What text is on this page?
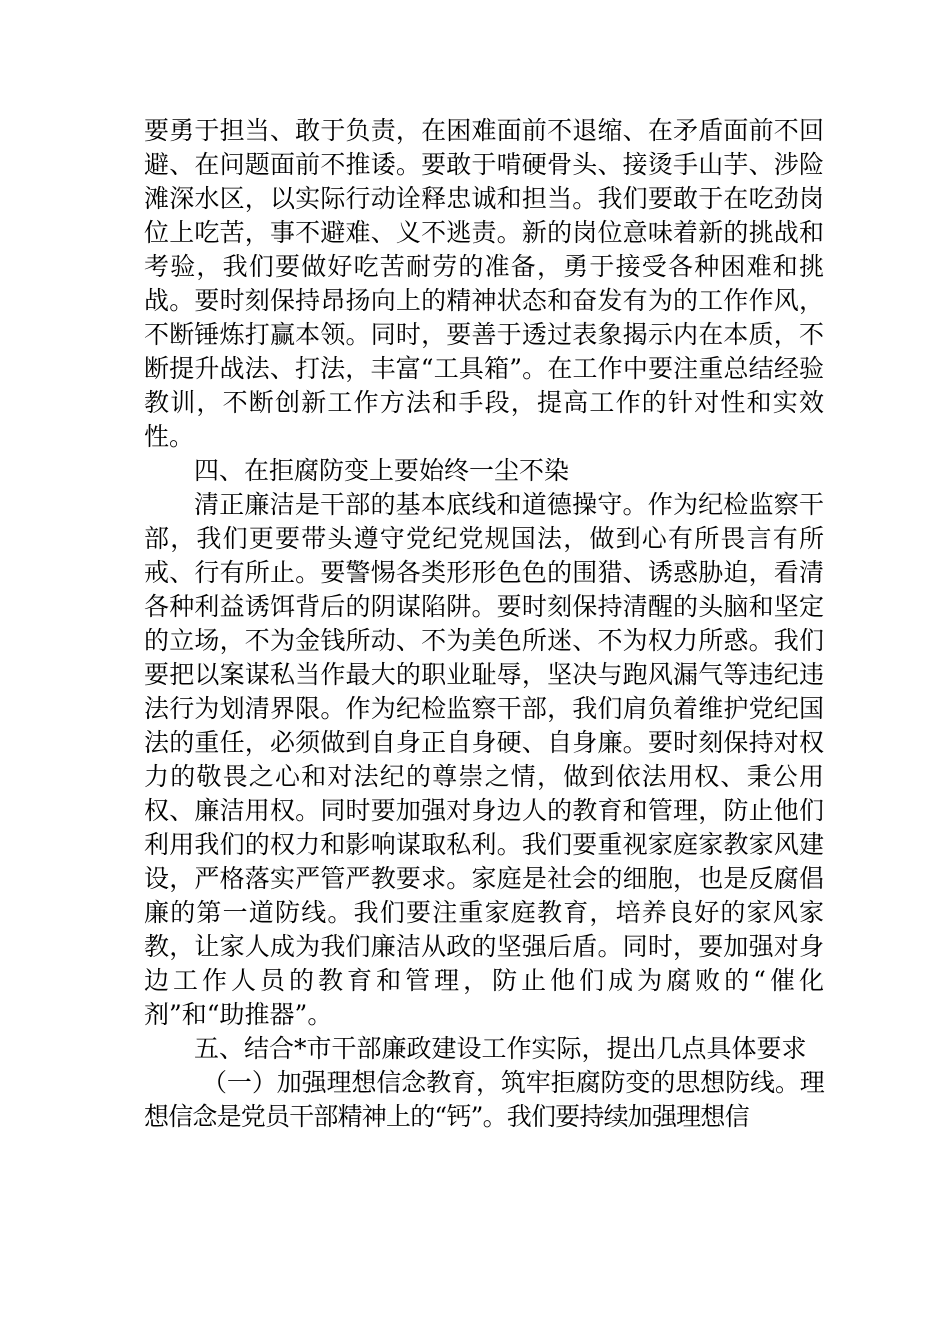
要勇于担当、敢于负责，在困难面前不退缩、在矛盾面前不回避、在问题面前不推诿。要敢于啃硬骨头、接烫手山芋、涉险滩深水区，以实际行动诠释忠诚和担当。我们要敢于在吃劲岗位上吃苦，事不避难、义不逃责。新的岗位意味着新的挑战和考验，我们要做好吃苦耐劳的准备，勇于接受各种困难和挑战。要时刻保持昂扬向上的精神状态和奋发有为的工作作风，不断锤炼打赢本领。同时，要善于透过表象揭示内在本质，不断提升战法、打法，丰富“工具箱”。在工作中要注重总结经验教训，不断创新工作方法和手段，提高工作的针对性和实效性。

四、在拒腐防变上要始终一尘不染

清正廉洁是干部的基本底线和道德操守。作为纪检监察干部，我们更要带头遵守党纪党规国法，做到心有所畏言有所戒、行有所止。要警惕各类形形色色的围猎、诱惑胁迫，看清各种利益诱饵背后的阴谋陷阱。要时刻保持清醒的头脑和坚定的立场，不为金钱所动、不为美色所迷、不为权力所惑。我们要把以案谋私当作最大的职业耻辱，坚决与跑风漏气等违纪违法行为划清界限。作为纪检监察干部，我们肩负着维护党纪国法的重任，必须做到自身正自身硬、自身廉。要时刻保持对权力的敬畏之心和对法纪的尊崇之情，做到依法用权、秉公用权、廉洁用权。同时要加强对身边人的教育和管理，防止他们利用我们的权力和影响谋取私利。我们要重视家庭家教家风建设，严格落实严管严教要求。家庭是社会的细胞，也是反腐倡廉的第一道防线。我们要注重家庭教育，培养良好的家风家教，让家人成为我们廉洁从政的坚强后盾。同时，要加强对身边工作人员的教育和管理，防止他们成为腐败的“催化剂”和“助推器”。

五、结合*市干部廉政建设工作实际，提出几点具体要求

（一）加强理想信念教育，筑牢拒腐防变的思想防线。理想信念是党员干部精神上的“钙”。我们要持续加强理想信
